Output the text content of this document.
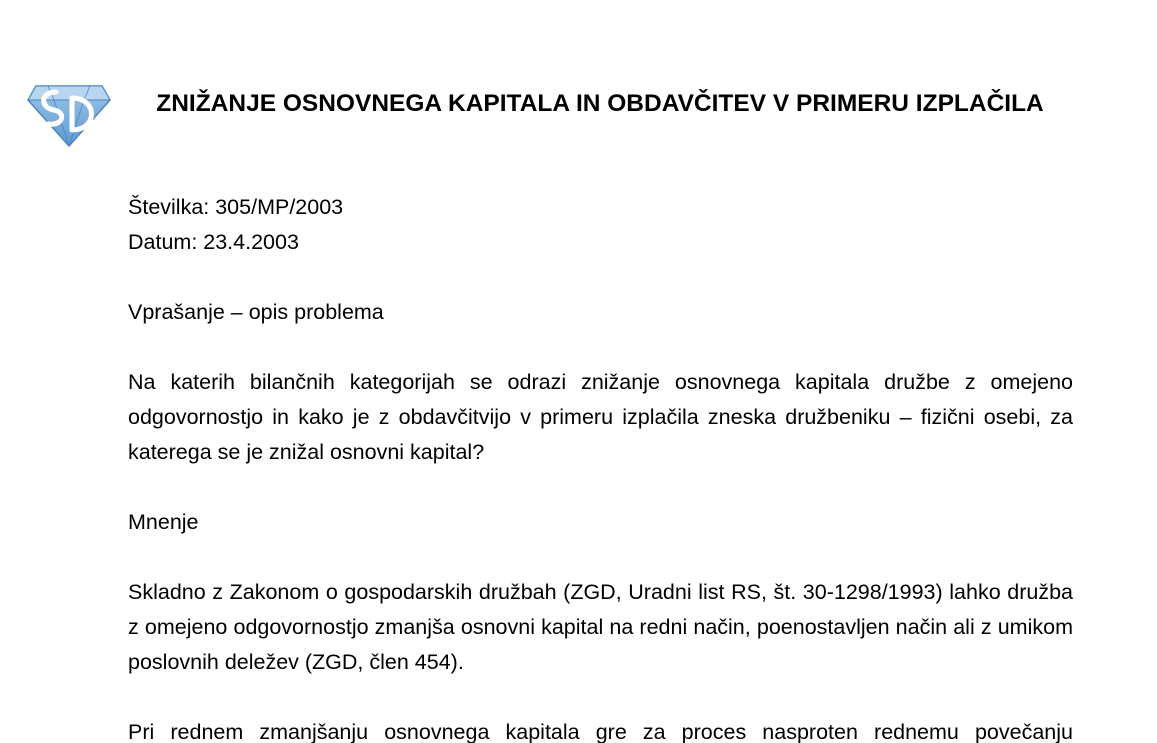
ZNIŽANJE OSNOVNEGA KAPITALA IN OBDAVČITEV V PRIMERU IZPLAČILA
Številka: 305/MP/2003
Datum: 23.4.2003

Vprašanje – opis problema

Na katerih bilančnih kategorijah se odrazi znižanje osnovnega kapitala družbe z omejeno odgovornostjo in kako je z obdavčitvijo v primeru izplačila zneska družbeniku – fizični osebi, za katerega se je znižal osnovni kapital?

Mnenje

Skladno z Zakonom o gospodarskih družbah (ZGD, Uradni list RS, št. 30-1298/1993) lahko družba z omejeno odgovornostjo zmanjša osnovni kapital na redni način, poenostavljen način ali z umikom poslovnih deležev (ZGD, člen 454).

Pri rednem zmanjšanju osnovnega kapitala gre za proces nasproten rednemu povečanju
